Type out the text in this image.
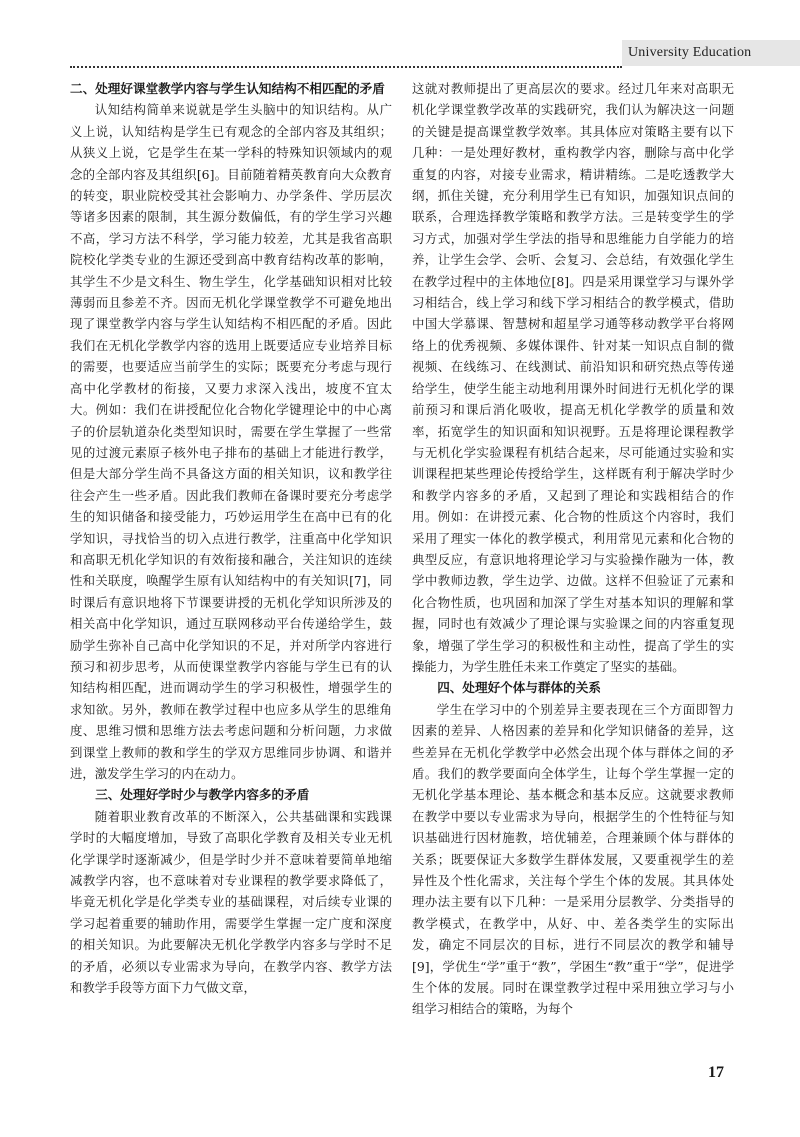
University Education
二、处理好课堂教学内容与学生认知结构不相匹配的矛盾

认知结构简单来说就是学生头脑中的知识结构。从广义上说，认知结构是学生已有观念的全部内容及其组织；从狭义上说，它是学生在某一学科的特殊知识领域内的观念的全部内容及其组织[6]。目前随着精英教育向大众教育的转变，职业院校受其社会影响力、办学条件、学历层次等诸多因素的限制，其生源分数偏低，有的学生学习兴趣不高，学习方法不科学，学习能力较差，尤其是我省高职院校化学类专业的生源还受到高中教育结构改革的影响，其学生不少是文科生、物生学生，化学基础知识相对比较薄弱而且参差不齐。因而无机化学课堂教学不可避免地出现了课堂教学内容与学生认知结构不相匹配的矛盾。因此我们在无机化学教学内容的选用上既要适应专业培养目标的需要，也要适应当前学生的实际；既要充分考虑与现行高中化学教材的衔接，又要力求深入浅出，坡度不宜太大。例如：我们在讲授配位化合物化学键理论中的中心离子的价层轨道杂化类型知识时，需要在学生掌握了一些常见的过渡元素原子核外电子排布的基础上才能进行教学，但是大部分学生尚不具备这方面的相关知识，议和教学往往会产生一些矛盾。因此我们教师在备课时要充分考虑学生的知识储备和接受能力，巧妙运用学生在高中已有的化学知识，寻找恰当的切入点进行教学，注重高中化学知识和高职无机化学知识的有效衔接和融合，关注知识的连续性和关联度，唤醒学生原有认知结构中的有关知识[7]，同时课后有意识地将下节课要讲授的无机化学知识所涉及的相关高中化学知识，通过互联网移动平台传递给学生，鼓励学生弥补自己高中化学知识的不足，并对所学内容进行预习和初步思考，从而使课堂教学内容能与学生已有的认知结构相匹配，进而调动学生的学习积极性，增强学生的求知欲。另外，教师在教学过程中也应多从学生的思维角度、思维习惯和思维方法去考虑问题和分析问题，力求做到课堂上教师的教和学生的学双方思维同步协调、和谐并进，激发学生学习的内在动力。

三、处理好学时少与教学内容多的矛盾

随着职业教育改革的不断深入，公共基础课和实践课学时的大幅度增加，导致了高职化学教育及相关专业无机化学课学时逐渐减少，但是学时少并不意味着要简单地缩减教学内容，也不意味着对专业课程的教学要求降低了，毕竟无机化学是化学类专业的基础课程，对后续专业课的学习起着重要的辅助作用，需要学生掌握一定广度和深度的相关知识。为此要解决无机化学教学内容多与学时不足的矛盾，必须以专业需求为导向，在教学内容、教学方法和教学手段等方面下力气做文章，

这就对教师提出了更高层次的要求。经过几年来对高职无机化学课堂教学改革的实践研究，我们认为解决这一问题的关键是提高课堂教学效率。其具体应对策略主要有以下几种：一是处理好教材，重构教学内容，删除与高中化学重复的内容，对接专业需求，精讲精练。二是吃透教学大纲，抓住关键，充分利用学生已有知识，加强知识点间的联系，合理选择教学策略和教学方法。三是转变学生的学习方式，加强对学生学法的指导和思维能力自学能力的培养，让学生会学、会听、会复习、会总结，有效强化学生在教学过程中的主体地位[8]。四是采用课堂学习与课外学习相结合，线上学习和线下学习相结合的教学模式，借助中国大学慕课、智慧树和超星学习通等移动教学平台将网络上的优秀视频、多媒体课件、针对某一知识点自制的微视频、在线练习、在线测试、前沿知识和研究热点等传递给学生，使学生能主动地利用课外时间进行无机化学的课前预习和课后消化吸收，提高无机化学教学的质量和效率，拓宽学生的知识面和知识视野。五是将理论课程教学与无机化学实验课程有机结合起来，尽可能通过实验和实训课程把某些理论传授给学生，这样既有利于解决学时少和教学内容多的矛盾，又起到了理论和实践相结合的作用。例如：在讲授元素、化合物的性质这个内容时，我们采用了理实一体化的教学模式，利用常见元素和化合物的典型反应，有意识地将理论学习与实验操作融为一体，教学中教师边教，学生边学、边做。这样不但验证了元素和化合物性质，也巩固和加深了学生对基本知识的理解和掌握，同时也有效减少了理论课与实验课之间的内容重复现象，增强了学生学习的积极性和主动性，提高了学生的实操能力，为学生胜任未来工作奠定了坚实的基础。

四、处理好个体与群体的关系

学生在学习中的个别差异主要表现在三个方面即智力因素的差异、人格因素的差异和化学知识储备的差异，这些差异在无机化学教学中必然会出现个体与群体之间的矛盾。我们的教学要面向全体学生，让每个学生掌握一定的无机化学基本理论、基本概念和基本反应。这就要求教师在教学中要以专业需求为导向，根据学生的个性特征与知识基础进行因材施教，培优辅差，合理兼顾个体与群体的关系；既要保证大多数学生群体发展，又要重视学生的差异性及个性化需求，关注每个学生个体的发展。其具体处理办法主要有以下几种：一是采用分层教学、分类指导的教学模式，在教学中，从好、中、差各类学生的实际出发，确定不同层次的目标，进行不同层次的教学和辅导[9]，学优生“学”重于“教”，学困生“教”重于“学”，促进学生个体的发展。同时在课堂教学过程中采用独立学习与小组学习相结合的策略，为每个

17
